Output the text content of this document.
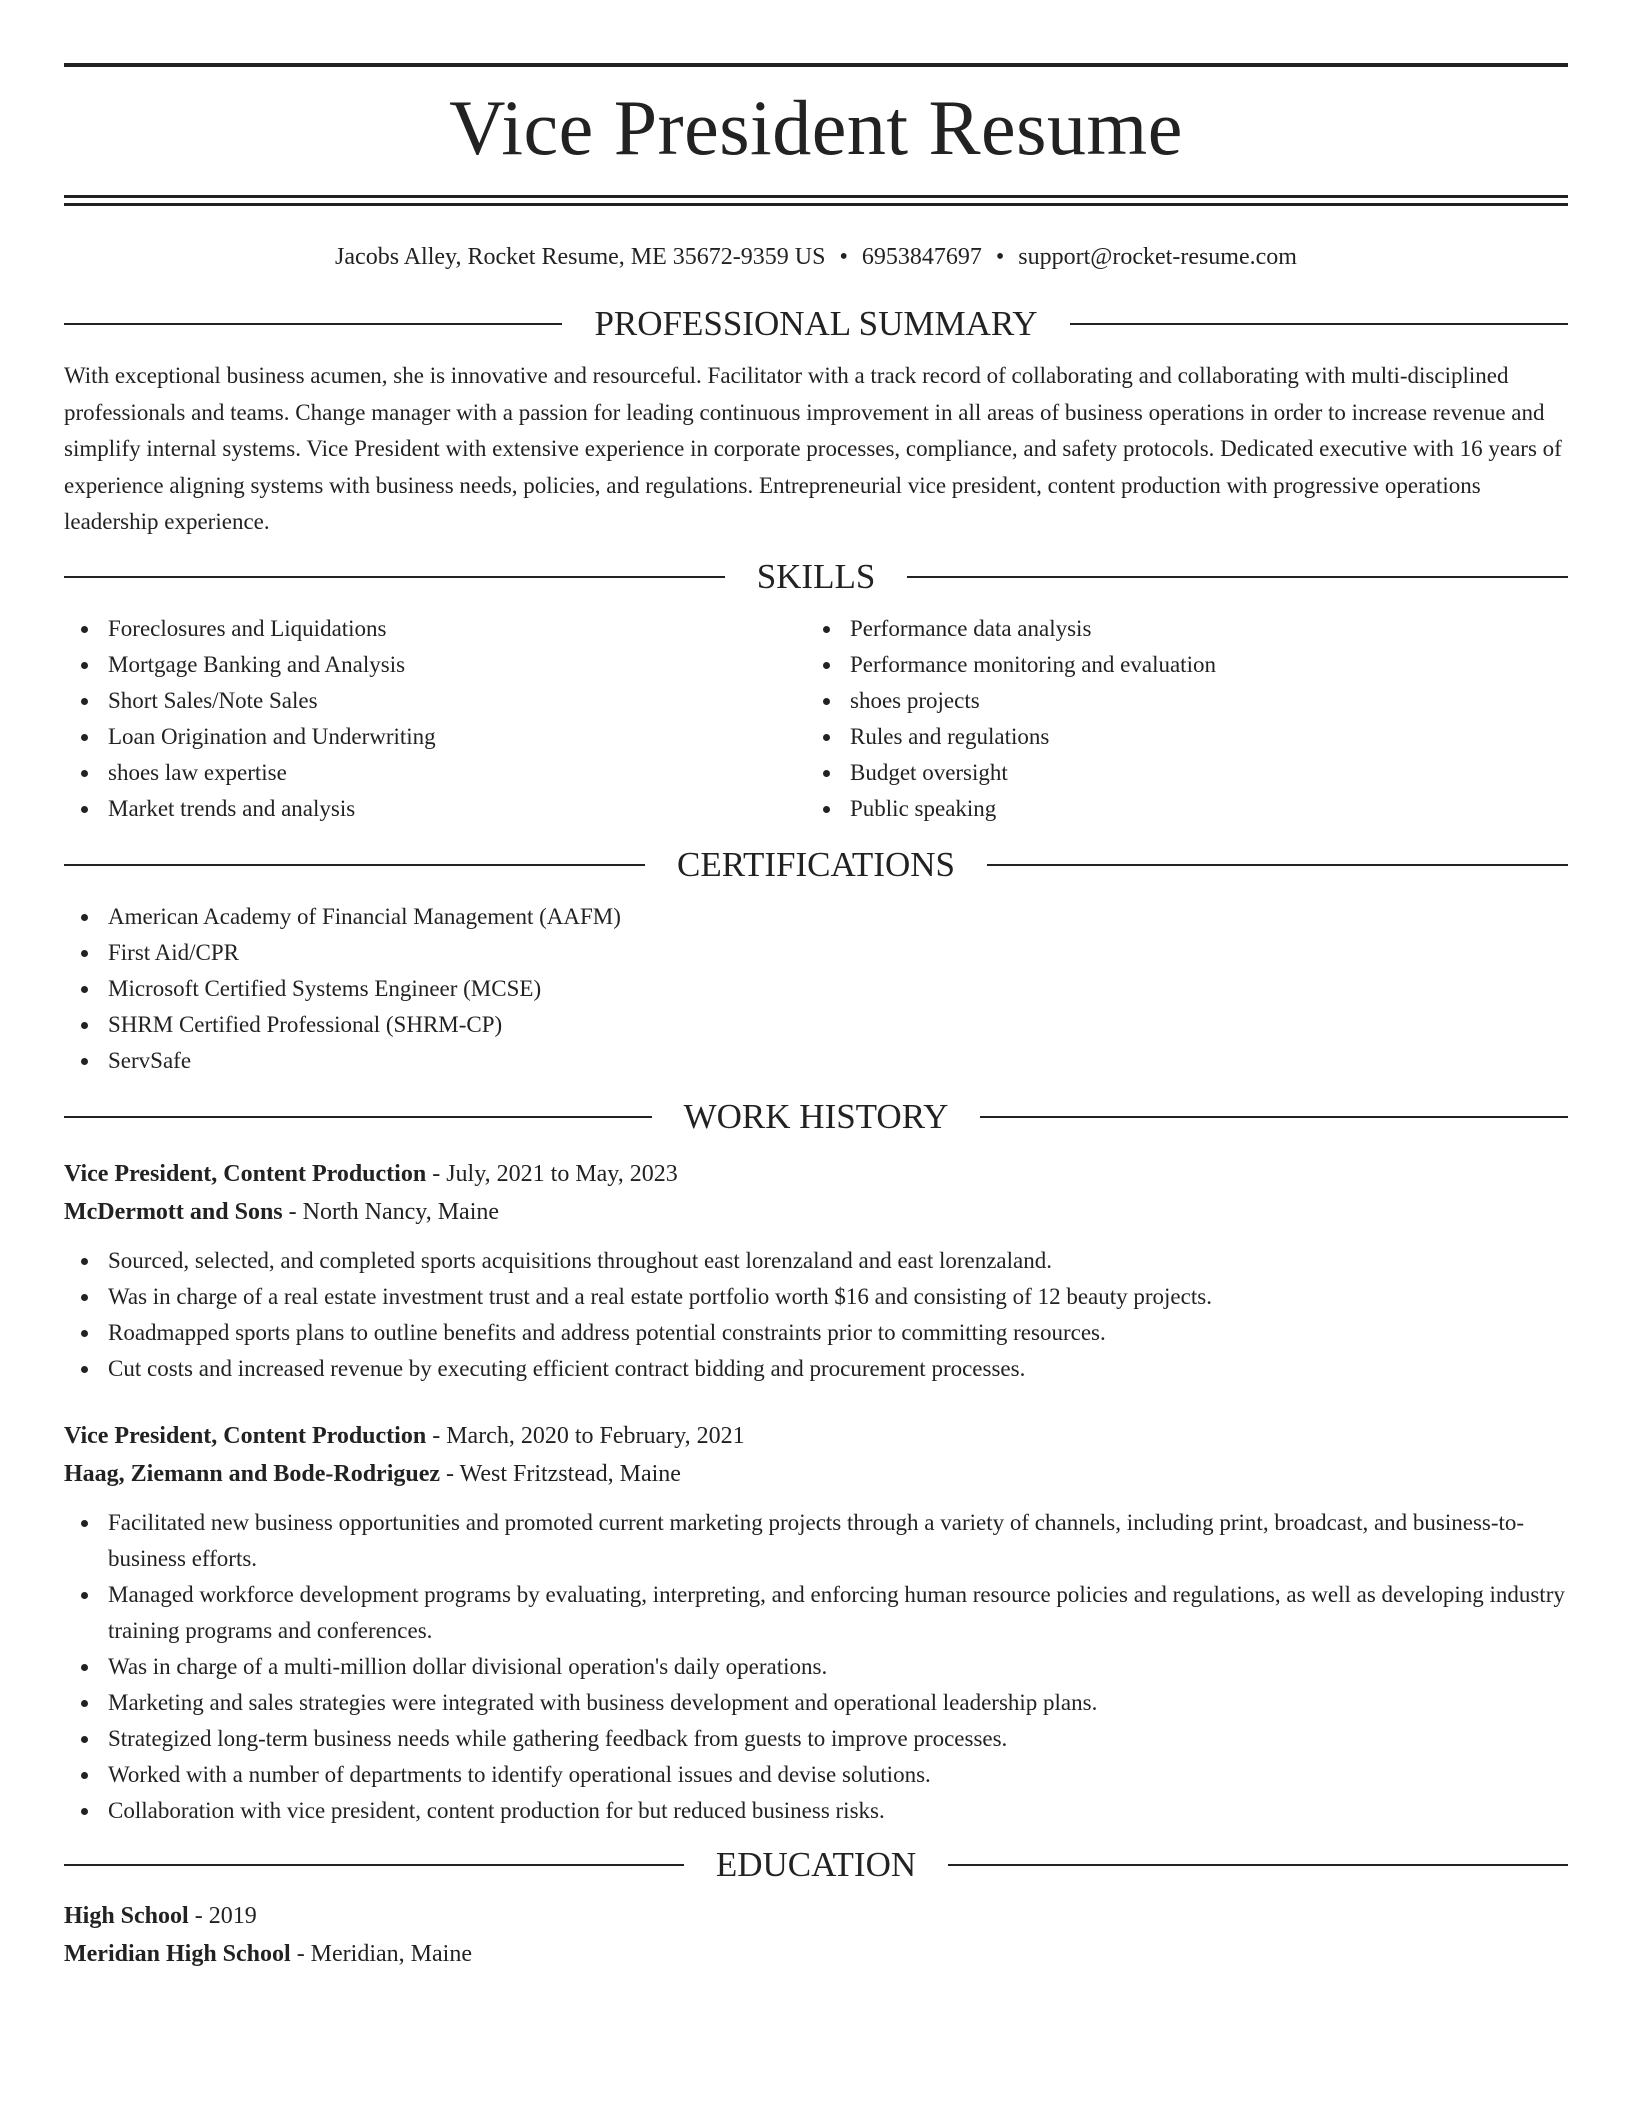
Vice President Resume
Jacobs Alley, Rocket Resume, ME 35672-9359 US • 6953847697 • support@rocket-resume.com
PROFESSIONAL SUMMARY

With exceptional business acumen, she is innovative and resourceful. Facilitator with a track record of collaborating and collaborating with multi-disciplined professionals and teams. Change manager with a passion for leading continuous improvement in all areas of business operations in order to increase revenue and simplify internal systems. Vice President with extensive experience in corporate processes, compliance, and safety protocols. Dedicated executive with 16 years of experience aligning systems with business needs, policies, and regulations. Entrepreneurial vice president, content production with progressive operations leadership experience.

SKILLS
Foreclosures and Liquidations
Mortgage Banking and Analysis
Short Sales/Note Sales
Loan Origination and Underwriting
shoes law expertise
Market trends and analysis
Performance data analysis
Performance monitoring and evaluation
shoes projects
Rules and regulations
Budget oversight
Public speaking
CERTIFICATIONS
American Academy of Financial Management (AAFM)
First Aid/CPR
Microsoft Certified Systems Engineer (MCSE)
SHRM Certified Professional (SHRM-CP)
ServSafe
WORK HISTORY
Vice President, Content Production - July, 2021 to May, 2023
McDermott and Sons - North Nancy, Maine
Sourced, selected, and completed sports acquisitions throughout east lorenzaland and east lorenzaland.
Was in charge of a real estate investment trust and a real estate portfolio worth $16 and consisting of 12 beauty projects.
Roadmapped sports plans to outline benefits and address potential constraints prior to committing resources.
Cut costs and increased revenue by executing efficient contract bidding and procurement processes.
Vice President, Content Production - March, 2020 to February, 2021
Haag, Ziemann and Bode-Rodriguez - West Fritzstead, Maine
Facilitated new business opportunities and promoted current marketing projects through a variety of channels, including print, broadcast, and business-to-business efforts.
Managed workforce development programs by evaluating, interpreting, and enforcing human resource policies and regulations, as well as developing industry training programs and conferences.
Was in charge of a multi-million dollar divisional operation's daily operations.
Marketing and sales strategies were integrated with business development and operational leadership plans.
Strategized long-term business needs while gathering feedback from guests to improve processes.
Worked with a number of departments to identify operational issues and devise solutions.
Collaboration with vice president, content production for but reduced business risks.
EDUCATION
High School - 2019
Meridian High School - Meridian, Maine
